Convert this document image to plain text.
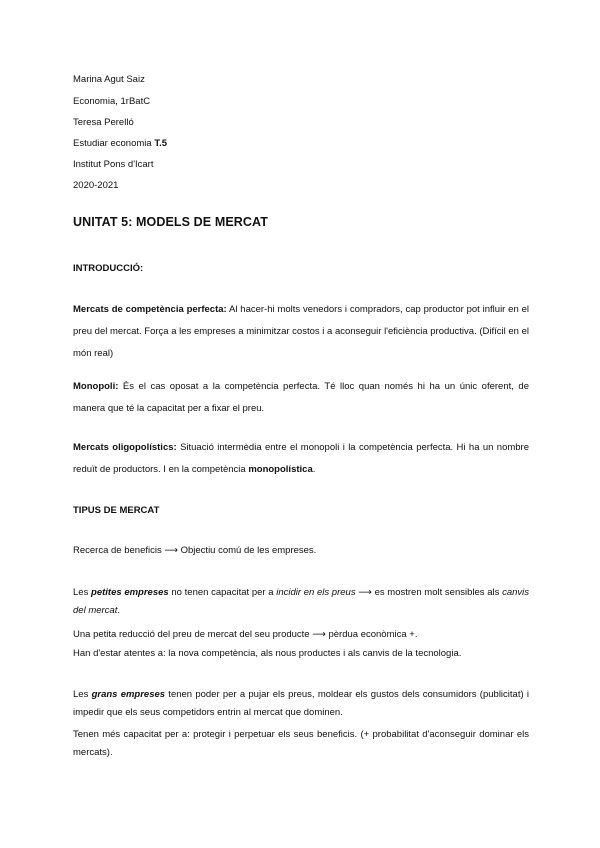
Marina Agut Saiz
Economia, 1rBatC
Teresa Perelló
Estudiar economia T.5
Institut Pons d'Icart
2020-2021
UNITAT 5: MODELS DE MERCAT
INTRODUCCIÓ:
Mercats de competència perfecta: Al hacer-hi molts venedors i compradors, cap productor pot influir en el preu del mercat. Força a les empreses a minimitzar costos i a aconseguir l'eficiència productiva. (Difícil en el món real)
Monopoli: És el cas oposat a la competència perfecta. Té lloc quan només hi ha un únic oferent, de manera que té la capacitat per a fixar el preu.
Mercats oligopolístics: Situació intermèdia entre el monopoli i la competència perfecta. Hi ha un nombre reduït de productors. I en la competència monopolística.
TIPUS DE MERCAT
Recerca de beneficis ⟶ Objectiu comú de les empreses.
Les petites empreses no tenen capacitat per a incidir en els preus ⟶ es mostren molt sensibles als canvis del mercat.
Una petita reducció del preu de mercat del seu producte ⟶ pèrdua econòmica +.
Han d'estar atentes a: la nova competència, als nous productes i als canvis de la tecnologia.
Les grans empreses tenen poder per a pujar els preus, moldear els gustos dels consumidors (publicitat) i impedir que els seus competidors entrin al mercat que dominen.
Tenen més capacitat per a: protegir i perpetuar els seus beneficis. (+ probabilitat d'aconseguir dominar els mercats).
